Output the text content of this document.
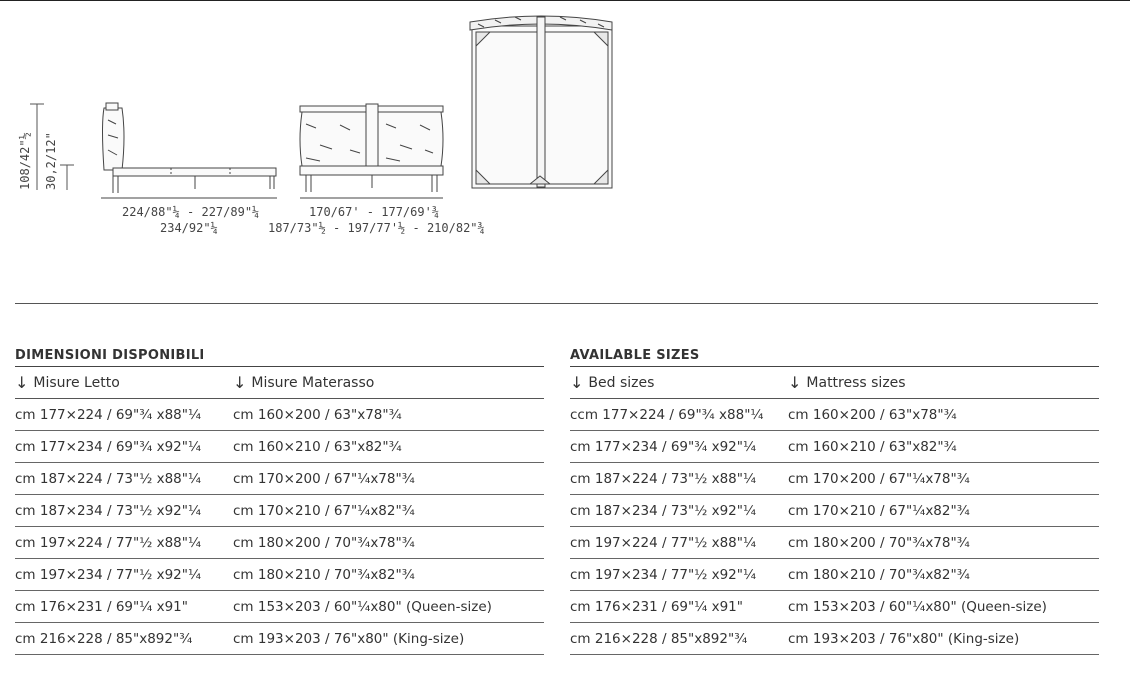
108/42"½ 30,2/12"
224/88"¼ - 227/89"¼
234/92"¼
170/67' - 177/69'¾
187/73"½ - 197/77'½ - 210/82"¾
DIMENSIONI DISPONIBILI
↓ Misure Letto	↓ Misure Materasso
cm 177×224 / 69"¾ x88"¼	cm 160×200 / 63"x78"¾
cm 177×234 / 69"¾ x92"¼	cm 160×210 / 63"x82"¾
cm 187×224 / 73"½ x88"¼	cm 170×200 / 67"¼x78"¾
cm 187×234 / 73"½ x92"¼	cm 170×210 / 67"¼x82"¾
cm 197×224 / 77"½ x88"¼	cm 180×200 / 70"¾x78"¾
cm 197×234 / 77"½ x92"¼	cm 180×210 / 70"¾x82"¾
cm 176×231 / 69"¼ x91"	cm 153×203 / 60"¼x80" (Queen-size)
cm 216×228 / 85"x892"¾	cm 193×203 / 76"x80" (King-size)
AVAILABLE SIZES
↓ Bed sizes	↓ Mattress sizes
ccm 177×224 / 69"¾ x88"¼	cm 160×200 / 63"x78"¾
cm 177×234 / 69"¾ x92"¼	cm 160×210 / 63"x82"¾
cm 187×224 / 73"½ x88"¼	cm 170×200 / 67"¼x78"¾
cm 187×234 / 73"½ x92"¼	cm 170×210 / 67"¼x82"¾
cm 197×224 / 77"½ x88"¼	cm 180×200 / 70"¾x78"¾
cm 197×234 / 77"½ x92"¼	cm 180×210 / 70"¾x82"¾
cm 176×231 / 69"¼ x91"	cm 153×203 / 60"¼x80" (Queen-size)
cm 216×228 / 85"x892"¾	cm 193×203 / 76"x80" (King-size)
